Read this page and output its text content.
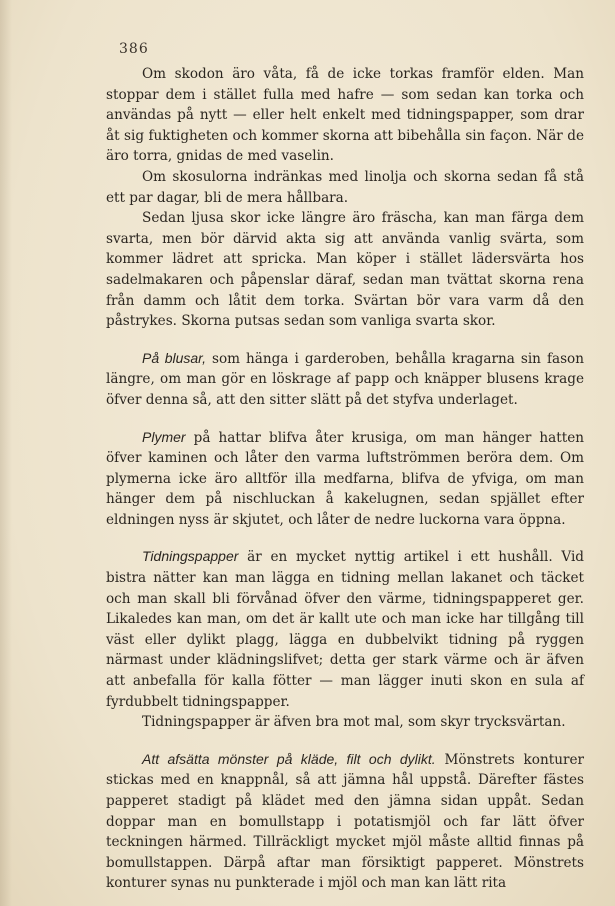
386

Om skodon äro våta, få de icke torkas framför elden. Man stoppar dem i stället fulla med hafre — som sedan kan torka och användas på nytt — eller helt enkelt med tidningspapper, som drar åt sig fuktigheten och kommer skorna att bibehålla sin façon. När de äro torra, gnidas de med vaselin.

Om skosulorna indränkas med linolja och skorna sedan få stå ett par dagar, bli de mera hållbara.

Sedan ljusa skor icke längre äro fräscha, kan man färga dem svarta, men bör därvid akta sig att använda vanlig svärta, som kommer lädret att spricka. Man köper i stället lädersvärta hos sadelmakaren och påpenslar däraf, sedan man tvättat skorna rena från damm och låtit dem torka. Svärtan bör vara varm då den påstrykes. Skorna putsas sedan som vanliga svarta skor.

På blusar, som hänga i garderoben, behålla kragarna sin fason längre, om man gör en löskrage af papp och knäpper blusens krage öfver denna så, att den sitter slätt på det styfva underlaget.

Plymer på hattar blifva åter krusiga, om man hänger hatten öfver kaminen och låter den varma luftströmmen beröra dem. Om plymerna icke äro alltför illa medfarna, blifva de yfviga, om man hänger dem på nischluckan å kakelugnen, sedan spjället efter eldningen nyss är skjutet, och låter de nedre luckorna vara öppna.

Tidningspapper är en mycket nyttig artikel i ett hushåll. Vid bistra nätter kan man lägga en tidning mellan lakanet och täcket och man skall bli förvånad öfver den värme, tidningspapperet ger. Likaledes kan man, om det är kallt ute och man icke har tillgång till väst eller dylikt plagg, lägga en dubbelvikt tidning på ryggen närmast under klädningslifvet; detta ger stark värme och är äfven att anbefalla för kalla fötter — man lägger inuti skon en sula af fyrdubbelt tidningspapper.

Tidningspapper är äfven bra mot mal, som skyr trycksvärtan.

Att afsätta mönster på kläde, filt och dylikt. Mönstrets konturer stickas med en knappnål, så att jämna hål uppstå. Därefter fästes papperet stadigt på klädet med den jämna sidan uppåt. Sedan doppar man en bomullstapp i potatismjöl och far lätt öfver teckningen härmed. Tillräckligt mycket mjöl måste alltid finnas på bomullstappen. Därpå aftar man försiktigt papperet. Mönstrets konturer synas nu punkterade i mjöl och man kan lätt rita
